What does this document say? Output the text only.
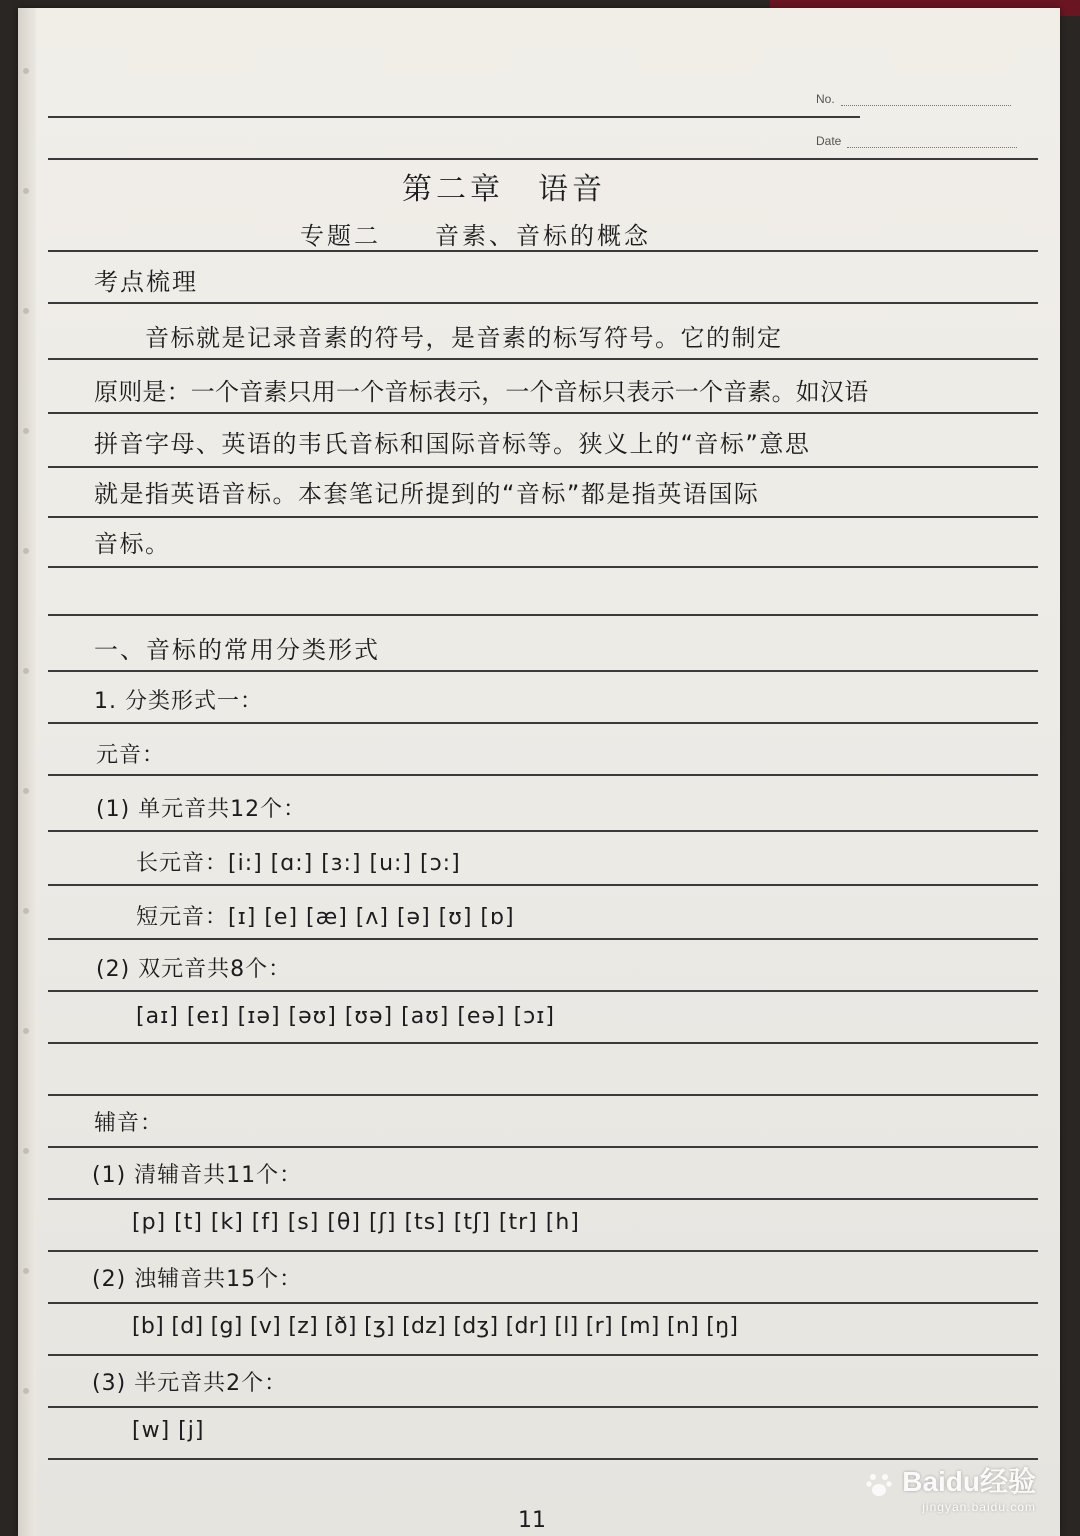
No.
Date
第二章　语音
专题二　　音素、音标的概念
考点梳理
　　音标就是记录音素的符号，是音素的标写符号。它的制定
原则是：一个音素只用一个音标表示，一个音标只表示一个音素。如汉语
拼音字母、英语的韦氏音标和国际音标等。狭义上的“音标”意思
就是指英语音标。本套笔记所提到的“音标”都是指英语国际
音标。
一、音标的常用分类形式
1. 分类形式一：
元音：
(1) 单元音共12个：
长元音：[i:] [ɑ:] [ɜ:] [u:] [ɔ:]
短元音：[ɪ] [e] [æ] [ʌ] [ə] [ʊ] [ɒ]
(2) 双元音共8个：
[aɪ] [eɪ] [ɪə] [əʊ] [ʊə] [aʊ] [eə] [ɔɪ]
辅音：
(1) 清辅音共11个：
[p] [t] [k] [f] [s] [θ] [ʃ] [ts] [tʃ] [tr] [h]
(2) 浊辅音共15个：
[b] [d] [g] [v] [z] [ð] [ʒ] [dz] [dʒ] [dr] [l] [r] [m] [n] [ŋ]
(3) 半元音共2个：
[w] [j]
11
Baidu经验
jingyan.baidu.com
